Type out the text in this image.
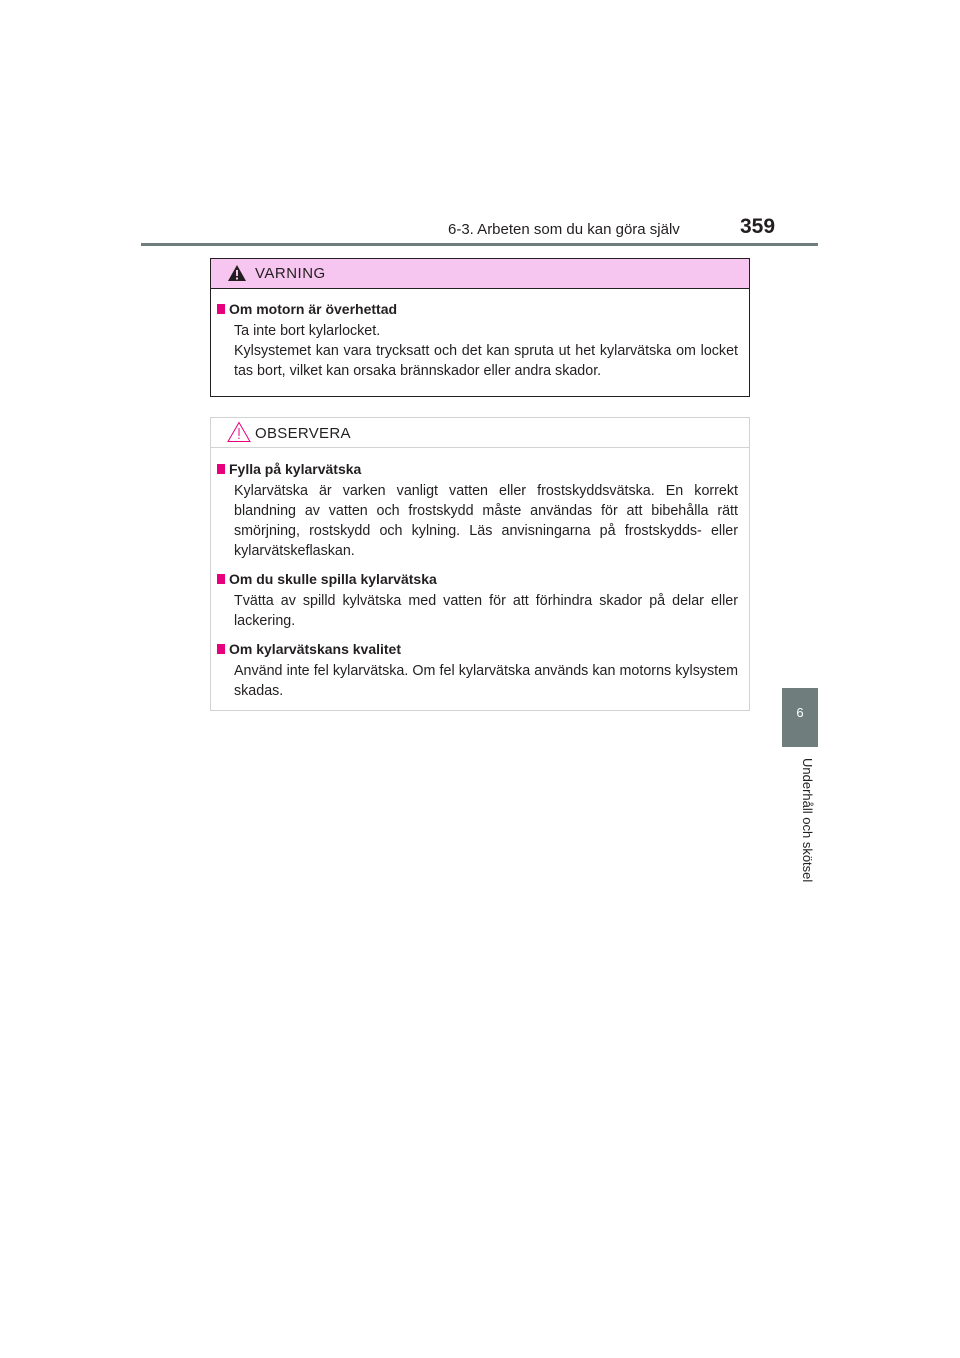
6-3. Arbeten som du kan göra själv	359
6
Underhåll och skötsel
VARNING
Om motorn är överhettad
Ta inte bort kylarlocket.
Kylsystemet kan vara trycksatt och det kan spruta ut het kylarvätska om locket tas bort, vilket kan orsaka brännskador eller andra skador.
OBSERVERA
Fylla på kylarvätska
Kylarvätska är varken vanligt vatten eller frostskyddsvätska. En korrekt blandning av vatten och frostskydd måste användas för att bibehålla rätt smörjning, rostskydd och kylning. Läs anvisningarna på frostskydds- eller kylarvätskeflaskan.
Om du skulle spilla kylarvätska
Tvätta av spilld kylvätska med vatten för att förhindra skador på delar eller lackering.
Om kylarvätskans kvalitet
Använd inte fel kylarvätska. Om fel kylarvätska används kan motorns kylsystem skadas.
